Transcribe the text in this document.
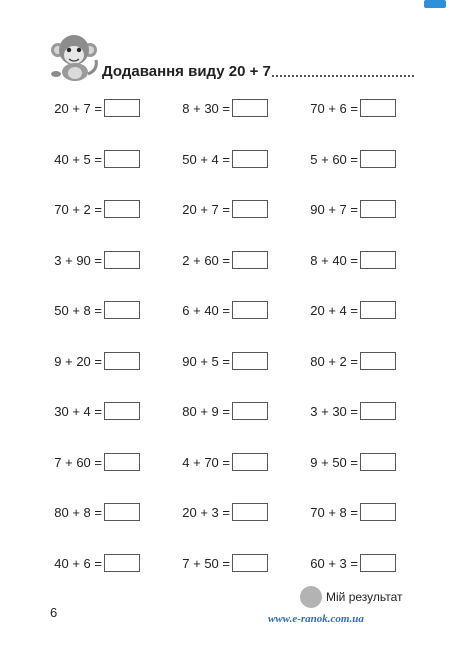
Додавання виду 20 + 7
20 + 7 =	8 + 30 =	70 + 6 =
40 + 5 =	50 + 4 =	5 + 60 =
70 + 2 =	20 + 7 =	90 + 7 =
3 + 90 =	2 + 60 =	8 + 40 =
50 + 8 =	6 + 40 =	20 + 4 =
9 + 20 =	90 + 5 =	80 + 2 =
30 + 4 =	80 + 9 =	3 + 30 =
7 + 60 =	4 + 70 =	9 + 50 =
80 + 8 =	20 + 3 =	70 + 8 =
40 + 6 =	7 + 50 =	60 + 3 =
6
Мій результат
www.e-ranok.com.ua
